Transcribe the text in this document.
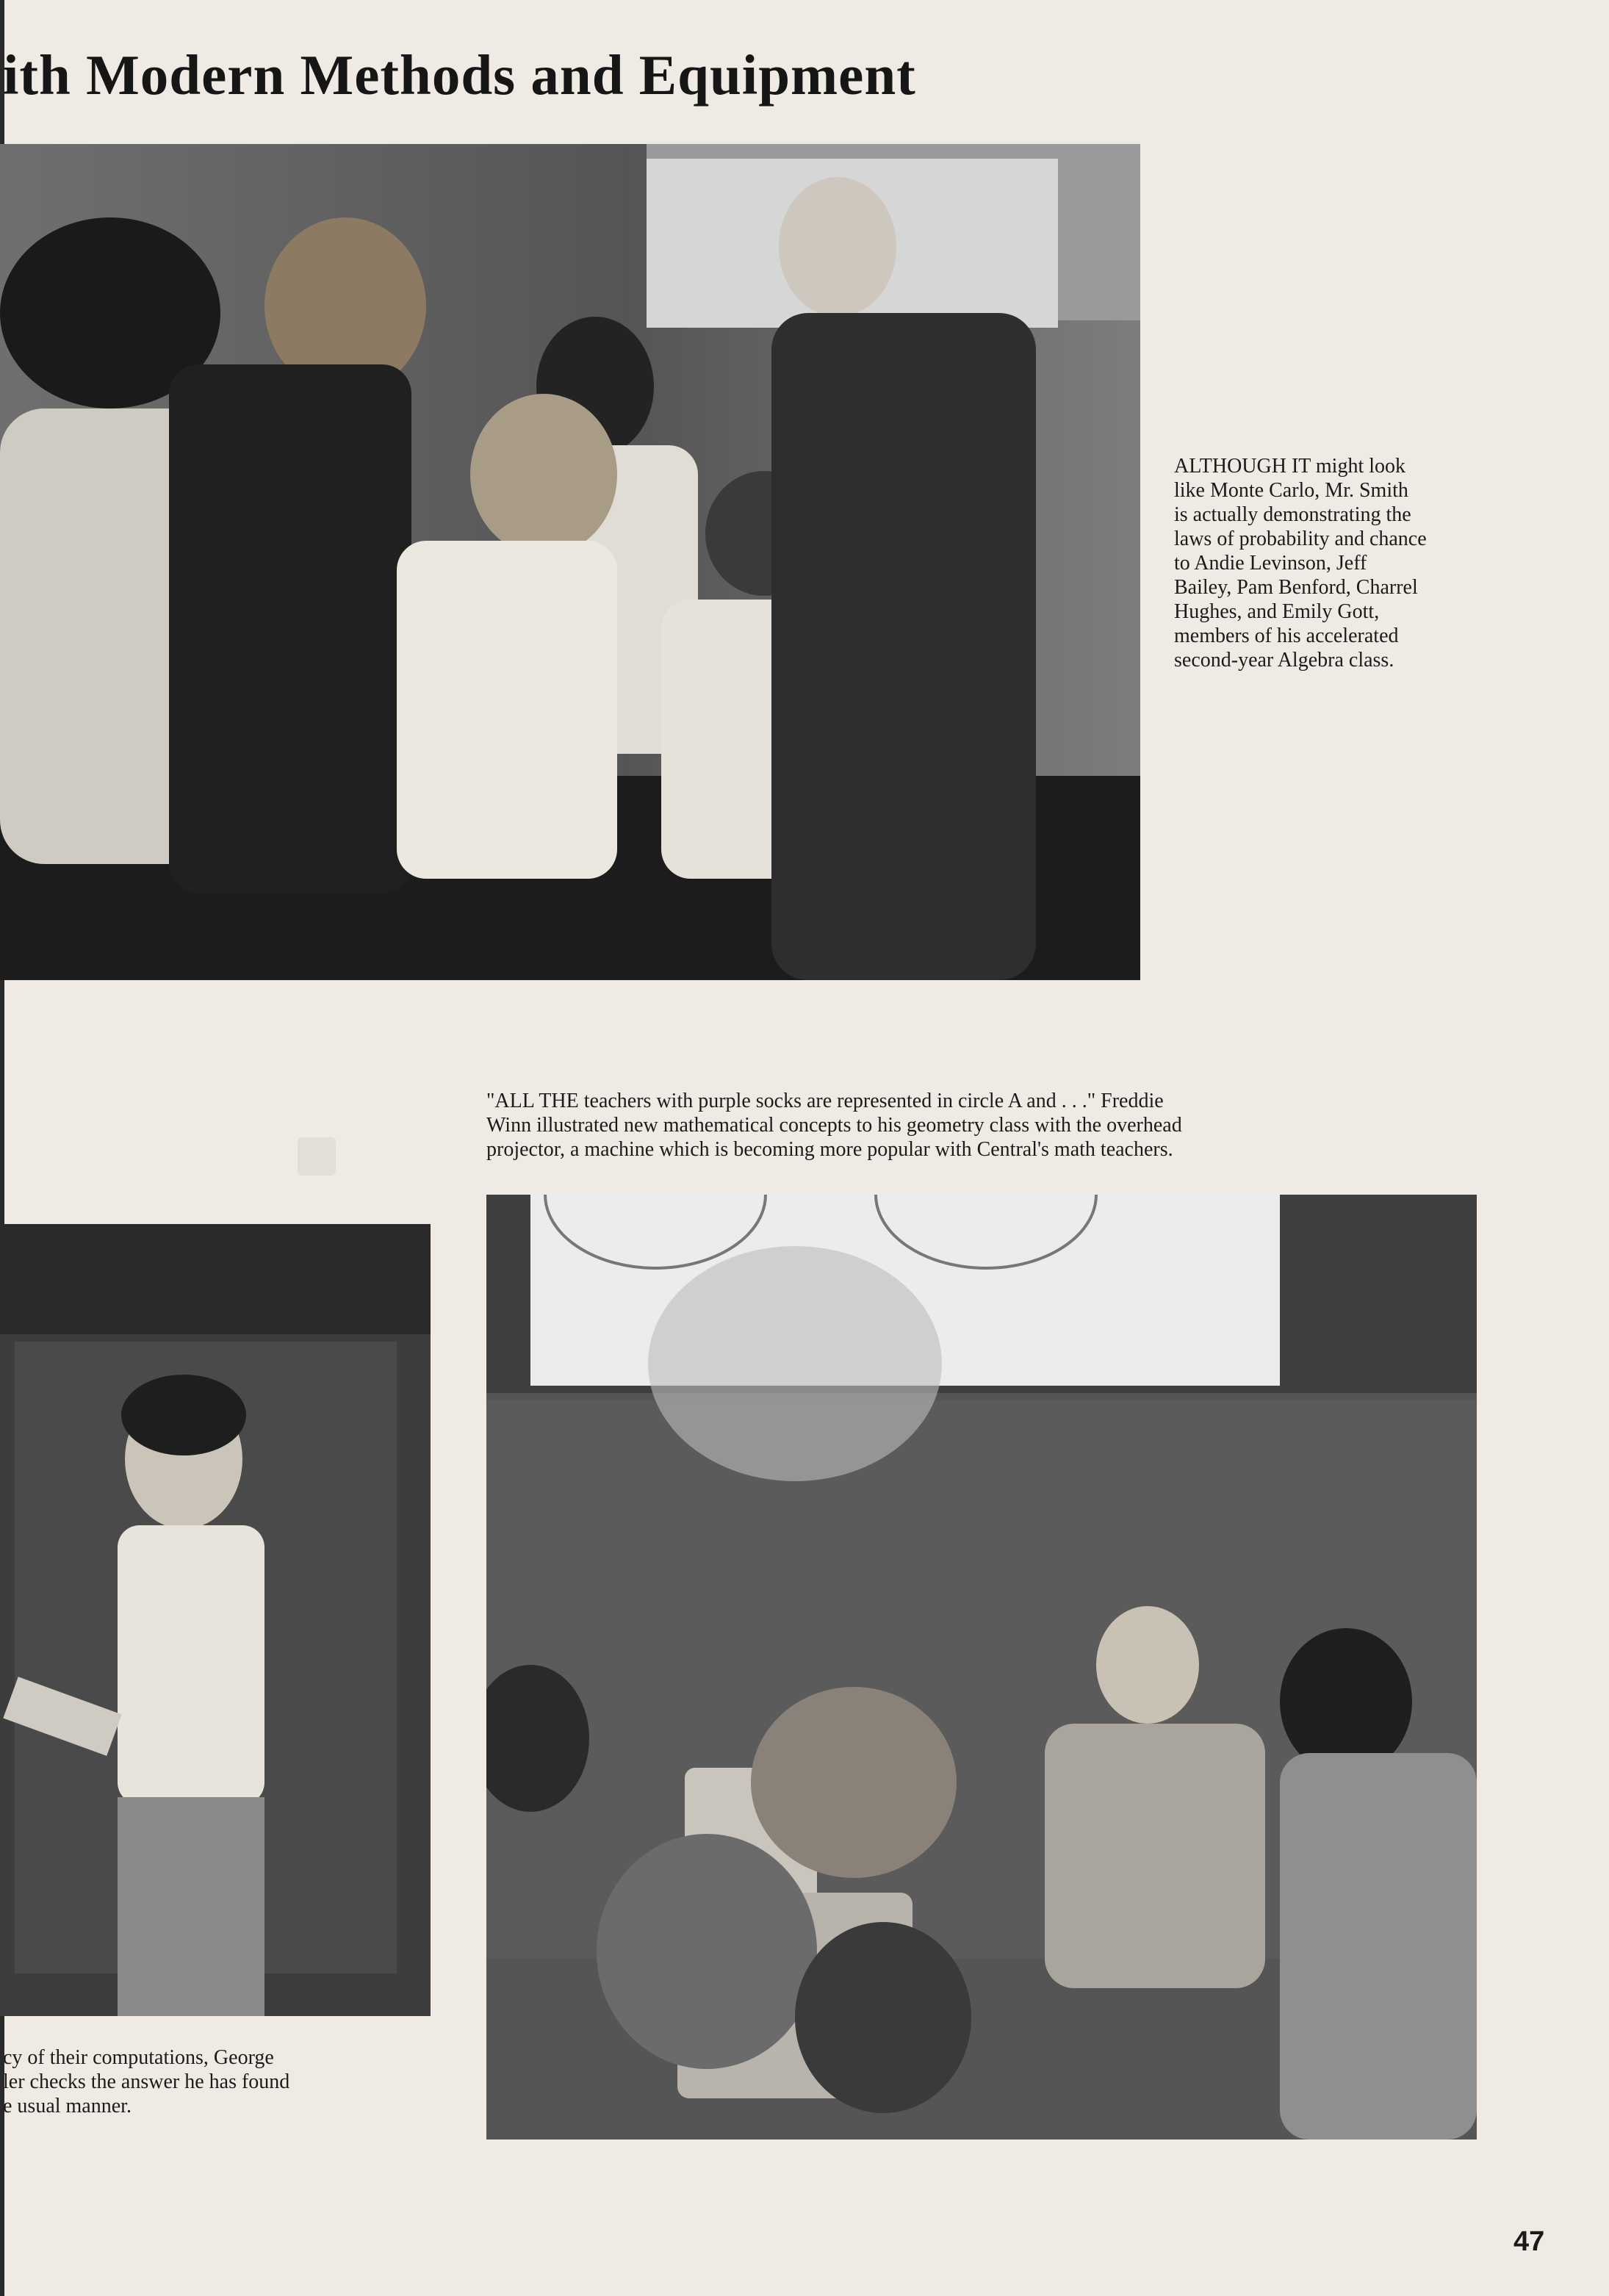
ith Modern Methods and Equipment

ALTHOUGH IT might look
like Monte Carlo, Mr. Smith
is actually demonstrating the
laws of probability and chance
to Andie Levinson, Jeff
Bailey, Pam Benford, Charrel
Hughes, and Emily Gott,
members of his accelerated
second-year Algebra class.

"ALL THE teachers with purple socks are represented in circle A and . . ." Freddie
Winn illustrated new mathematical concepts to his geometry class with the overhead
projector, a machine which is becoming more popular with Central's math teachers.

cy of their computations, George
ler checks the answer he has found
e usual manner.

47
